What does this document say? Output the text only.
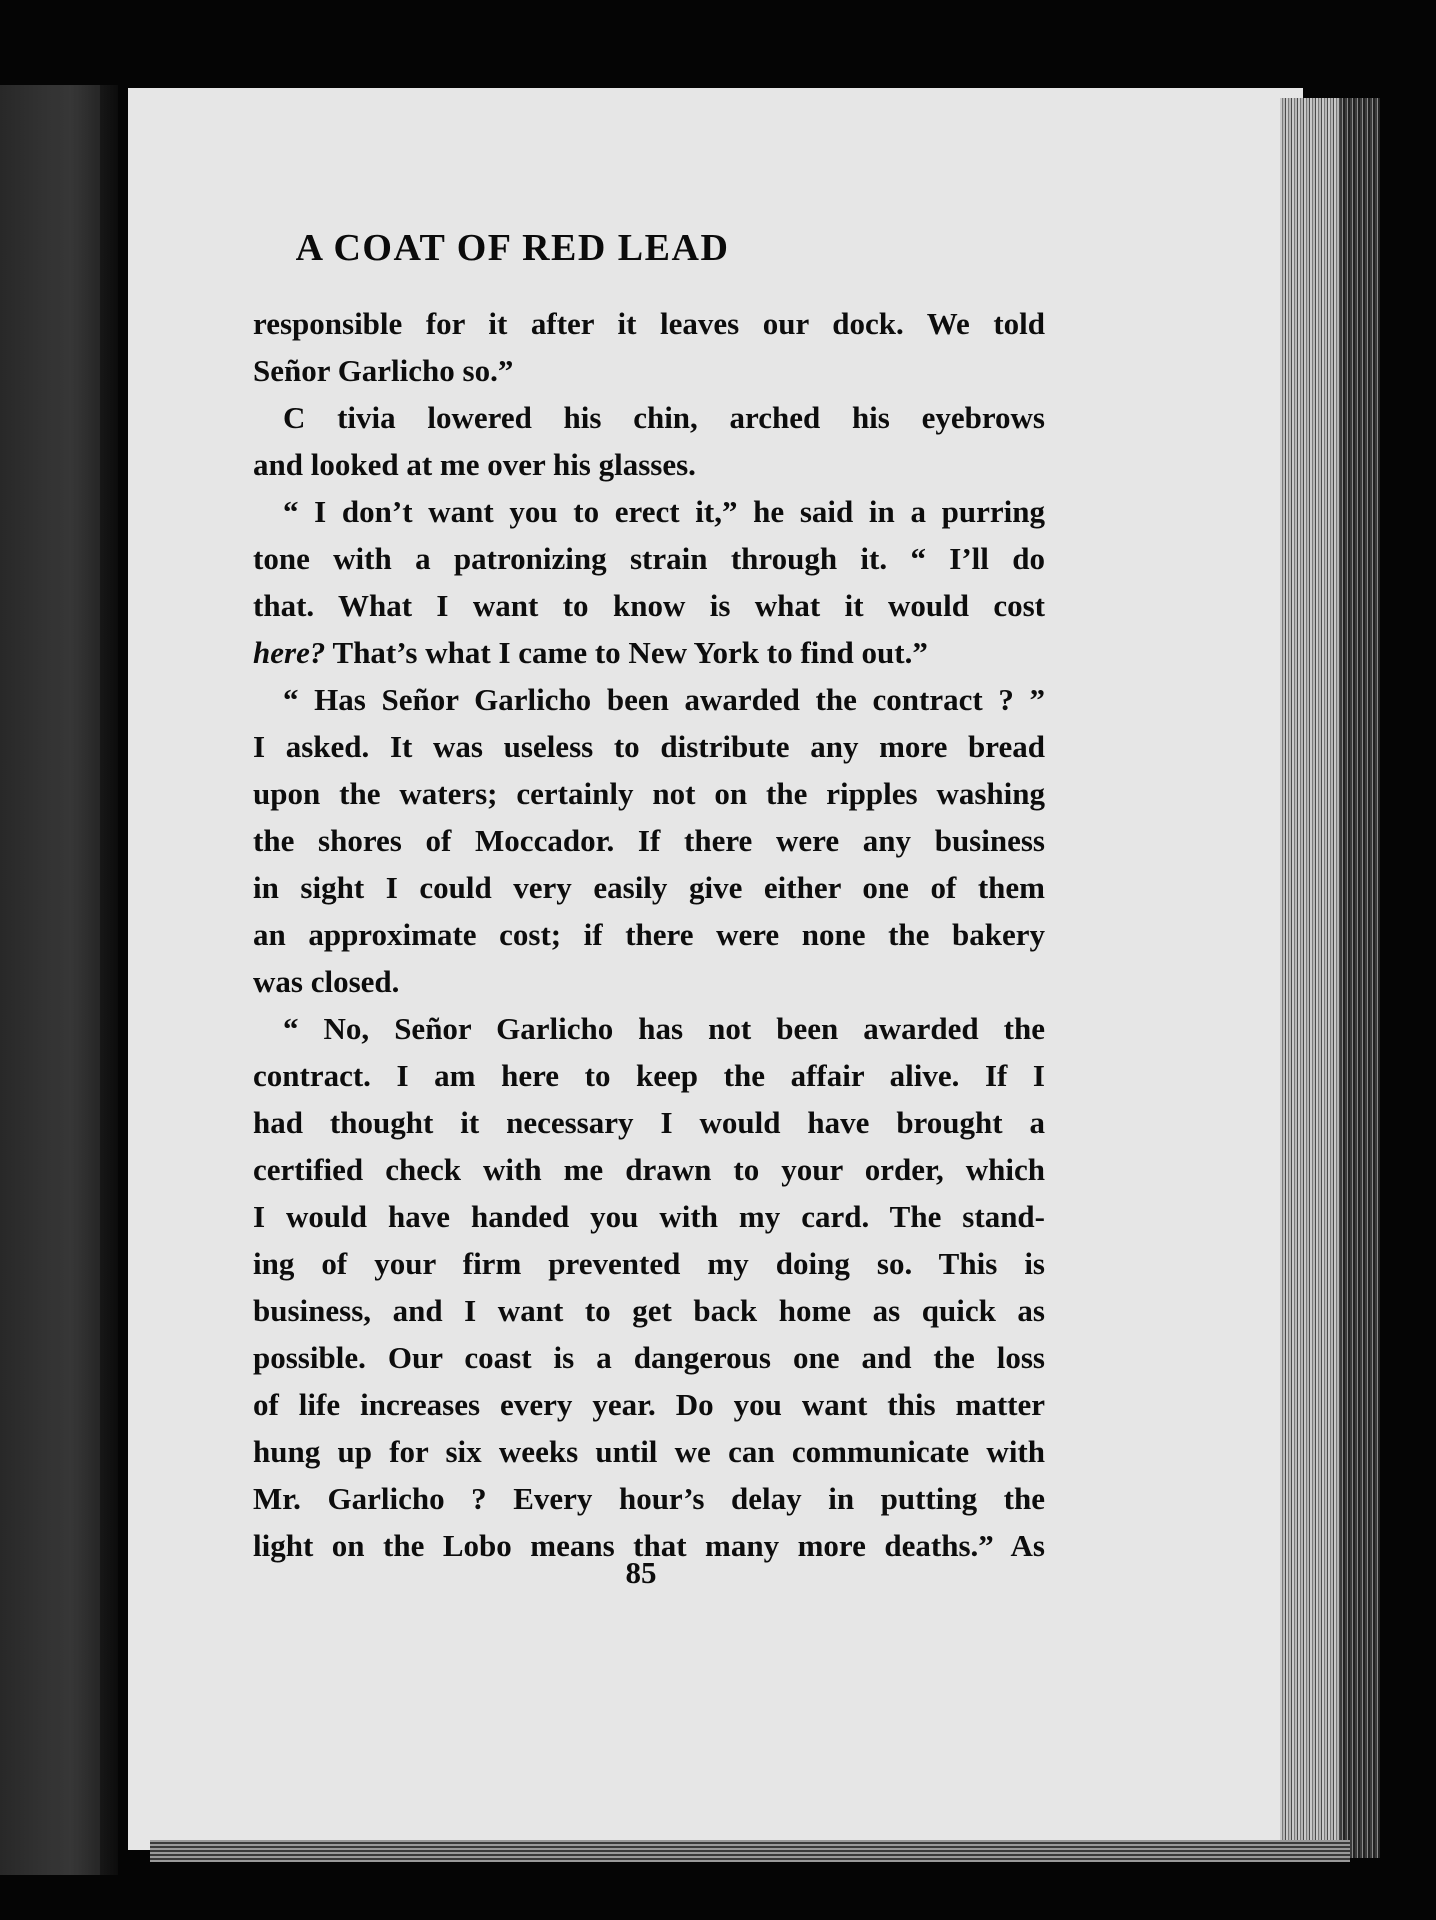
A COAT OF RED LEAD
responsible for it after it leaves our dock. We told
Señor Garlicho so.”
C tivia lowered his chin, arched his eyebrows
and looked at me over his glasses.
“ I don’t want you to erect it,” he said in a purring
tone with a patronizing strain through it. “ I’ll do
that. What I want to know is what it would cost
here? That’s what I came to New York to find out.”
“ Has Señor Garlicho been awarded the contract ? ”
I asked. It was useless to distribute any more bread
upon the waters; certainly not on the ripples washing
the shores of Moccador. If there were any business
in sight I could very easily give either one of them
an approximate cost; if there were none the bakery
was closed.
“ No, Señor Garlicho has not been awarded the
contract. I am here to keep the affair alive. If I
had thought it necessary I would have brought a
certified check with me drawn to your order, which
I would have handed you with my card. The stand-
ing of your firm prevented my doing so. This is
business, and I want to get back home as quick as
possible. Our coast is a dangerous one and the loss
of life increases every year. Do you want this matter
hung up for six weeks until we can communicate with
Mr. Garlicho ? Every hour’s delay in putting the
light on the Lobo means that many more deaths.” As
85
